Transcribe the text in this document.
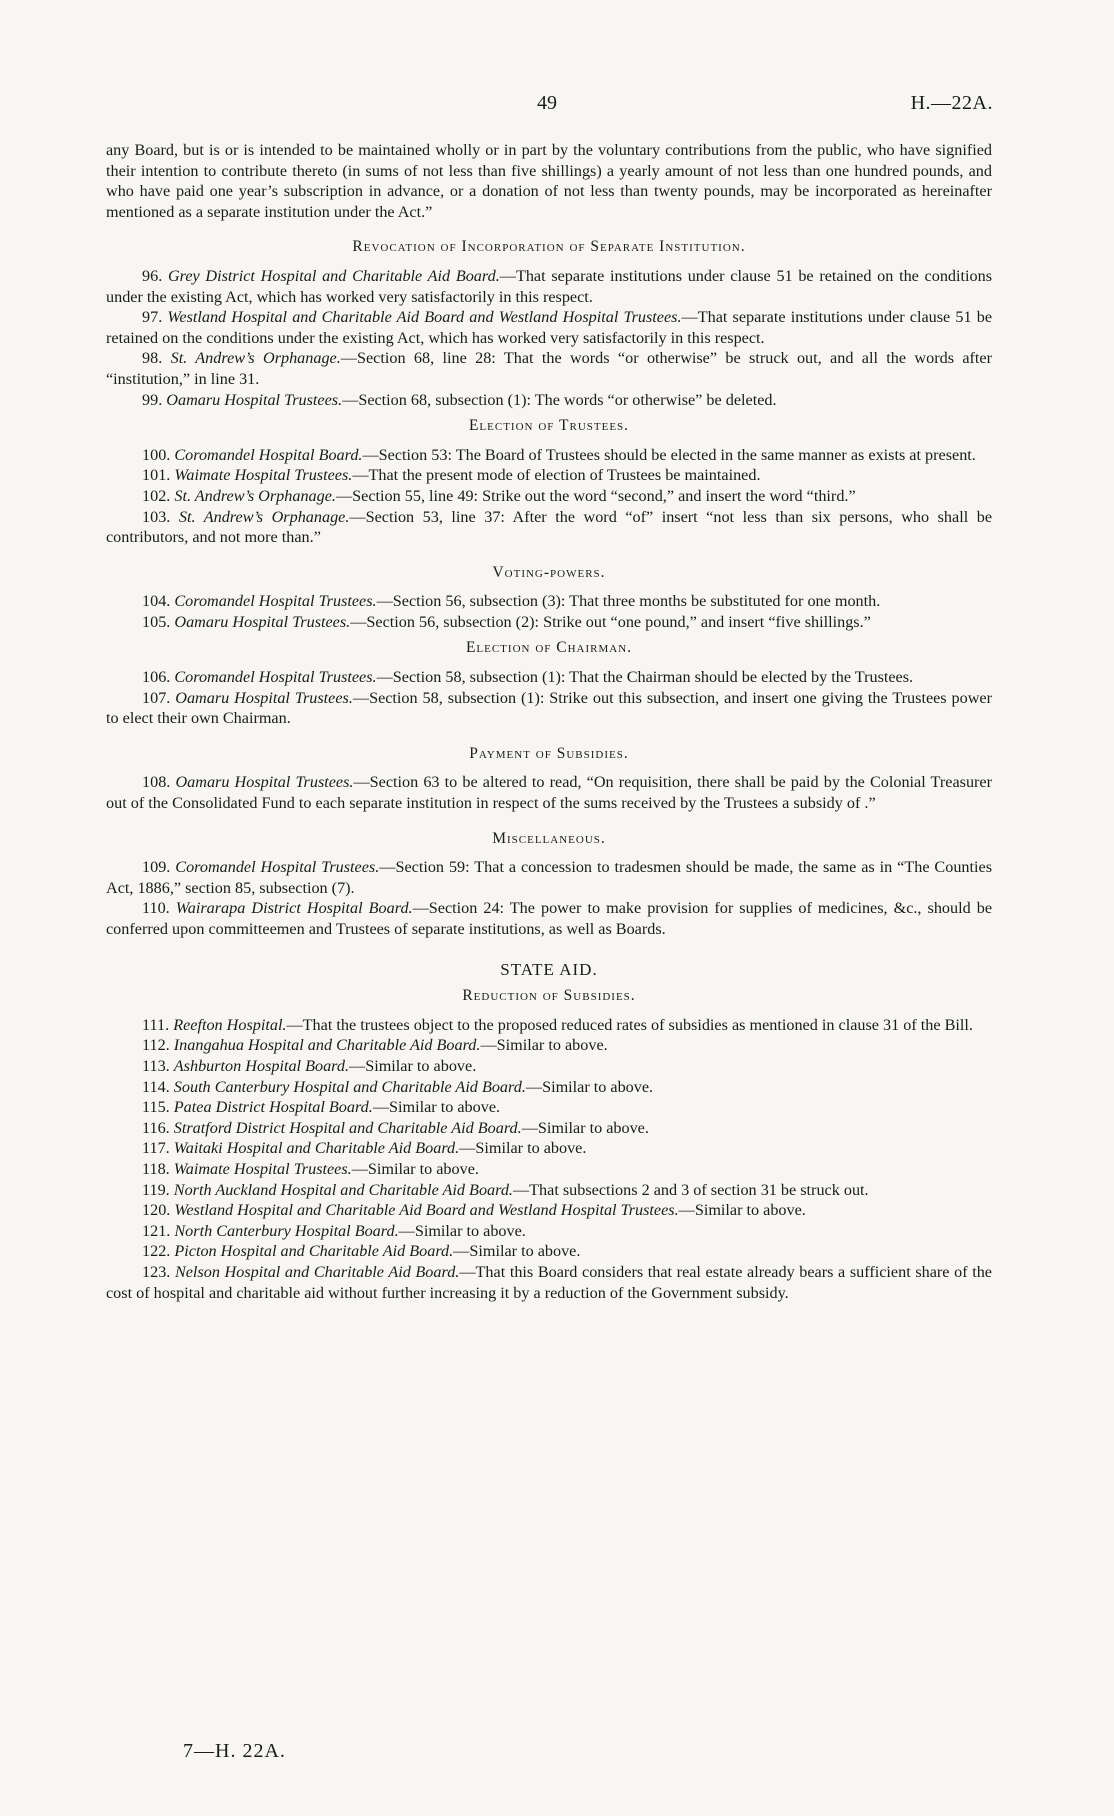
49	H.—22A.

any Board, but is or is intended to be maintained wholly or in part by the voluntary contributions from the public, who have signified their intention to contribute thereto (in sums of not less than five shillings) a yearly amount of not less than one hundred pounds, and who have paid one year’s subscription in advance, or a donation of not less than twenty pounds, may be incorporated as hereinafter mentioned as a separate institution under the Act.”

Revocation of Incorporation of Separate Institution.

96. Grey District Hospital and Charitable Aid Board.—That separate institutions under clause 51 be retained on the conditions under the existing Act, which has worked very satisfactorily in this respect.

97. Westland Hospital and Charitable Aid Board and Westland Hospital Trustees.—That separate institutions under clause 51 be retained on the conditions under the existing Act, which has worked very satisfactorily in this respect.

98. St. Andrew’s Orphanage.—Section 68, line 28: That the words “or otherwise” be struck out, and all the words after “institution,” in line 31.

99. Oamaru Hospital Trustees.—Section 68, subsection (1): The words “or otherwise” be deleted.

Election of Trustees.

100. Coromandel Hospital Board.—Section 53: The Board of Trustees should be elected in the same manner as exists at present.

101. Waimate Hospital Trustees.—That the present mode of election of Trustees be maintained.

102. St. Andrew’s Orphanage.—Section 55, line 49: Strike out the word “second,” and insert the word “third.”

103. St. Andrew’s Orphanage.—Section 53, line 37: After the word “of” insert “not less than six persons, who shall be contributors, and not more than.”

Voting-powers.

104. Coromandel Hospital Trustees.—Section 56, subsection (3): That three months be substituted for one month.

105. Oamaru Hospital Trustees.—Section 56, subsection (2): Strike out “one pound,” and insert “five shillings.”

Election of Chairman.

106. Coromandel Hospital Trustees.—Section 58, subsection (1): That the Chairman should be elected by the Trustees.

107. Oamaru Hospital Trustees.—Section 58, subsection (1): Strike out this subsection, and insert one giving the Trustees power to elect their own Chairman.

Payment of Subsidies.

108. Oamaru Hospital Trustees.—Section 63 to be altered to read, “On requisition, there shall be paid by the Colonial Treasurer out of the Consolidated Fund to each separate institution in respect of the sums received by the Trustees a subsidy of .”

Miscellaneous.

109. Coromandel Hospital Trustees.—Section 59: That a concession to tradesmen should be made, the same as in “The Counties Act, 1886,” section 85, subsection (7).

110. Wairarapa District Hospital Board.—Section 24: The power to make provision for supplies of medicines, &c., should be conferred upon committeemen and Trustees of separate institutions, as well as Boards.

STATE AID.
Reduction of Subsidies.

111. Reefton Hospital.—That the trustees object to the proposed reduced rates of subsidies as mentioned in clause 31 of the Bill.

112. Inangahua Hospital and Charitable Aid Board.—Similar to above.

113. Ashburton Hospital Board.—Similar to above.

114. South Canterbury Hospital and Charitable Aid Board.—Similar to above.

115. Patea District Hospital Board.—Similar to above.

116. Stratford District Hospital and Charitable Aid Board.—Similar to above.

117. Waitaki Hospital and Charitable Aid Board.—Similar to above.

118. Waimate Hospital Trustees.—Similar to above.

119. North Auckland Hospital and Charitable Aid Board.—That subsections 2 and 3 of section 31 be struck out.

120. Westland Hospital and Charitable Aid Board and Westland Hospital Trustees.—Similar to above.

121. North Canterbury Hospital Board.—Similar to above.

122. Picton Hospital and Charitable Aid Board.—Similar to above.

123. Nelson Hospital and Charitable Aid Board.—That this Board considers that real estate already bears a sufficient share of the cost of hospital and charitable aid without further increasing it by a reduction of the Government subsidy.

7—H. 22A.
